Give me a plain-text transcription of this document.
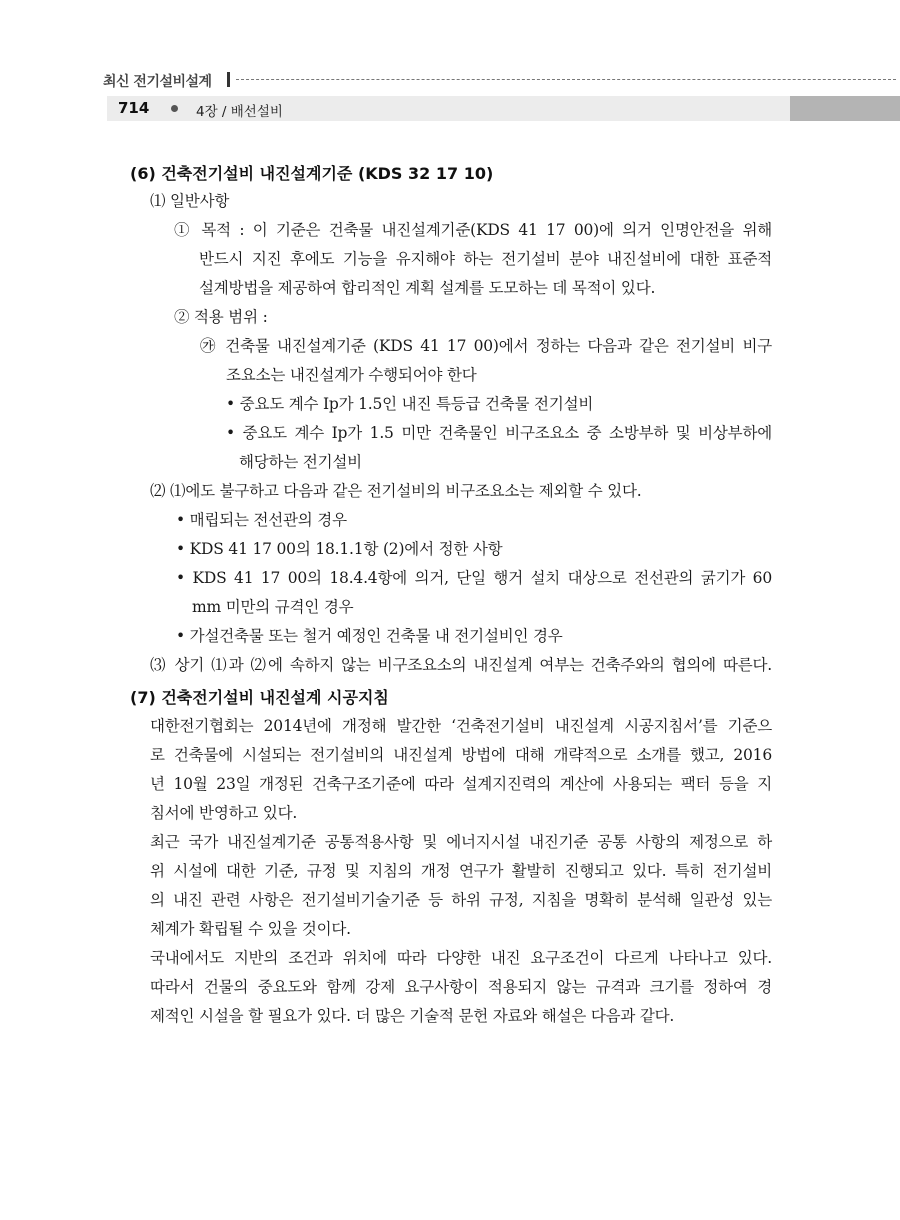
최신 전기설비설계
714	4장 / 배선설비
(6) 건축전기설비 내진설계기준 (KDS 32 17 10)
⑴ 일반사항
① 목적 : 이 기준은 건축물 내진설계기준(KDS 41 17 00)에 의거 인명안전을 위해
반드시 지진 후에도 기능을 유지해야 하는 전기설비 분야 내진설비에 대한 표준적
설계방법을 제공하여 합리적인 계획 설계를 도모하는 데 목적이 있다.
② 적용 범위 :
㉮ 건축물 내진설계기준 (KDS 41 17 00)에서 정하는 다음과 같은 전기설비 비구
조요소는 내진설계가 수행되어야 한다
• 중요도 계수 Ip가 1.5인 내진 특등급 건축물 전기설비
• 중요도 계수 Ip가 1.5 미만 건축물인 비구조요소 중 소방부하 및 비상부하에
해당하는 전기설비
⑵ ⑴에도 불구하고 다음과 같은 전기설비의 비구조요소는 제외할 수 있다.
• 매립되는 전선관의 경우
• KDS 41 17 00의 18.1.1항 (2)에서 정한 사항
• KDS 41 17 00의 18.4.4항에 의거, 단일 행거 설치 대상으로 전선관의 굵기가 60
mm 미만의 규격인 경우
• 가설건축물 또는 철거 예정인 건축물 내 전기설비인 경우
⑶ 상기 ⑴과 ⑵에 속하지 않는 비구조요소의 내진설계 여부는 건축주와의 협의에 따른다.
(7) 건축전기설비 내진설계 시공지침
대한전기협회는 2014년에 개정해 발간한 ‘건축전기설비 내진설계 시공지침서’를 기준으
로 건축물에 시설되는 전기설비의 내진설계 방법에 대해 개략적으로 소개를 했고, 2016
년 10월 23일 개정된 건축구조기준에 따라 설계지진력의 계산에 사용되는 팩터 등을 지
침서에 반영하고 있다.
최근 국가 내진설계기준 공통적용사항 및 에너지시설 내진기준 공통 사항의 제정으로 하
위 시설에 대한 기준, 규정 및 지침의 개정 연구가 활발히 진행되고 있다. 특히 전기설비
의 내진 관련 사항은 전기설비기술기준 등 하위 규정, 지침을 명확히 분석해 일관성 있는
체계가 확립될 수 있을 것이다.
국내에서도 지반의 조건과 위치에 따라 다양한 내진 요구조건이 다르게 나타나고 있다.
따라서 건물의 중요도와 함께 강제 요구사항이 적용되지 않는 규격과 크기를 정하여 경
제적인 시설을 할 필요가 있다. 더 많은 기술적 문헌 자료와 해설은 다음과 같다.
